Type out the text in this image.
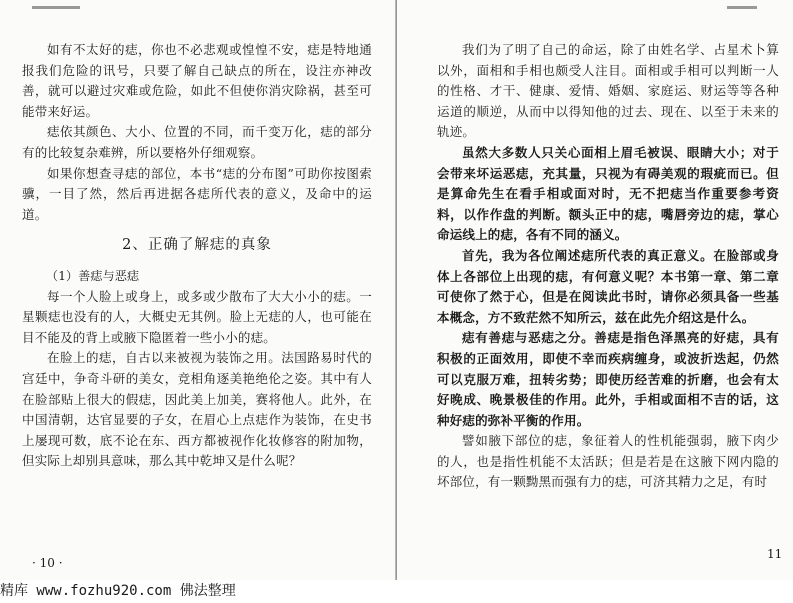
如有不太好的痣，你也不必悲观或惶惶不安，痣是特地通报我们危险的讯号，只要了解自己缺点的所在，设注亦神改善，就可以避过灾难或危险，如此不但使你消灾除祸，甚至可能带来好运。

痣依其颜色、大小、位置的不同，而千变万化，痣的部分有的比较复杂难辨，所以要格外仔细观察。

如果你想查寻痣的部位，本书“痣的分布图”可助你按图索骥，一目了然，然后再进据各痣所代表的意义，及命中的运道。

2、正确了解痣的真象

（1）善痣与恶痣

每一个人脸上或身上，或多或少散布了大大小小的痣。一星颗痣也没有的人，大概史无其例。脸上无痣的人，也可能在目不能及的背上或腋下隐匿着一些小小的痣。

在脸上的痣，自古以来被视为装饰之用。法国路易时代的宫廷中，争奇斗研的美女，竞相角逐美艳绝伦之姿。其中有人在脸部贴上很大的假痣，因此美上加美，赛将他人。此外，在中国清朝，达官显要的子女，在眉心上点痣作为装饰，在史书上屡现可数，底不论在东、西方都被视作化妆修容的附加物，但实际上却别具意味，那么其中乾坤又是什么呢？

· 10 ·

我们为了明了自己的命运，除了由姓名学、占星术卜算以外，面相和手相也颇受人注目。面相或手相可以判断一人的性格、才干、健康、爱情、婚姻、家庭运、财运等等各种运道的顺逆，从而中以得知他的过去、现在、以至于未来的轨迹。

虽然大多数人只关心面相上眉毛被误、眼睛大小；对于会带来坏运恶痣，充其量，只视为有碍美观的瑕疵而已。但是算命先生在看手相或面对时，无不把痣当作重要参考资料，以作作盘的判断。额头正中的痣，嘴唇旁边的痣，掌心命运线上的痣，各有不同的涵义。

首先，我为各位阐述痣所代表的真正意义。在脸部或身体上各部位上出现的痣，有何意义呢？本书第一章、第二章可使你了然于心，但是在阅读此书时，请你必须具备一些基本概念，方不致茫然不知所云，兹在此先介绍这是什么。

痣有善痣与恶痣之分。善痣是指色泽黑亮的好痣，具有积极的正面效用，即使不幸而疾病缠身，或波折迭起，仍然可以克服万难，扭转劣势；即使历经苦难的折磨，也会有太好晚成、晚景极佳的作用。此外，手相或面相不吉的话，这种好痣的弥补平衡的作用。

譬如腋下部位的痣，象征着人的性机能强弱，腋下肉少的人，也是指性机能不太活跃；但是若是在这腋下网内隐的坏部位，有一颗黝黑而强有力的痣，可济其精力之足，有时

11
精库 www.fozhu920.com 佛法整理
